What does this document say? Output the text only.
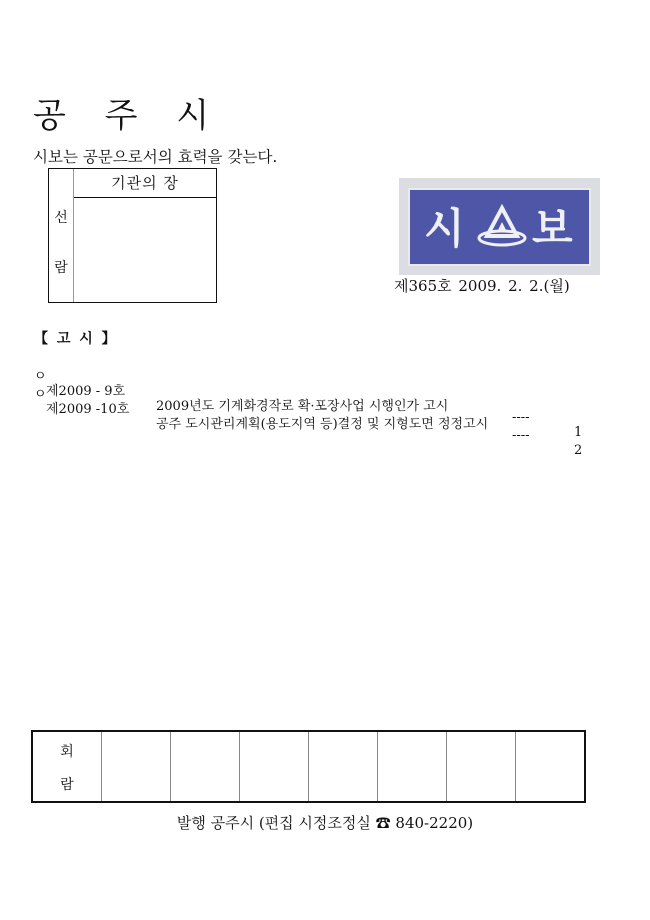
공 주 시
시보는 공문으로서의 효력을 갖는다.
선
람
기관의 장
시 보
제365호 2009. 2. 2.(월)
【 고 시 】

ㅇ

제2009 - 9호

2009년도 기계화경작로 확·포장사업 시행인가 고시

----

1

ㅇ

제2009 -10호

공주 도시관리계획(용도지역 등)결정 및 지형도면 정정고시

----

2

회
람
발행 공주시 (편집 시정조정실 ☎ 840-2220)
